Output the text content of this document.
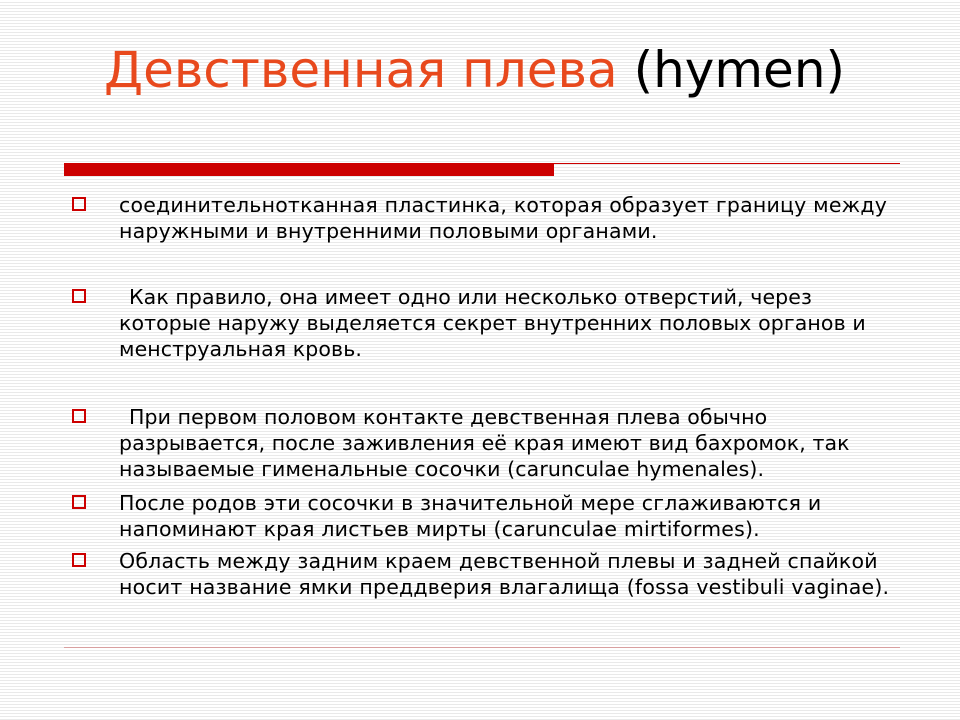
Девственная плева (hymen)
соединительнотканная пластинка, которая образует границу между наружными и внутренними половыми органами.
Как правило, она имеет одно или несколько отверстий, через которые наружу выделяется секрет внутренних половых органов и менструальная кровь.
При первом половом контакте девственная плева обычно разрывается, после заживления её края имеют вид бахромок, так называемые гименальные сосочки (carunculae hymenales).
После родов эти сосочки в значительной мере сглаживаются и напоминают края листьев мирты (carunculae mirtiformes).
Область между задним краем девственной плевы и задней спайкой носит название ямки преддверия влагалища (fossa vestibuli vaginae).
